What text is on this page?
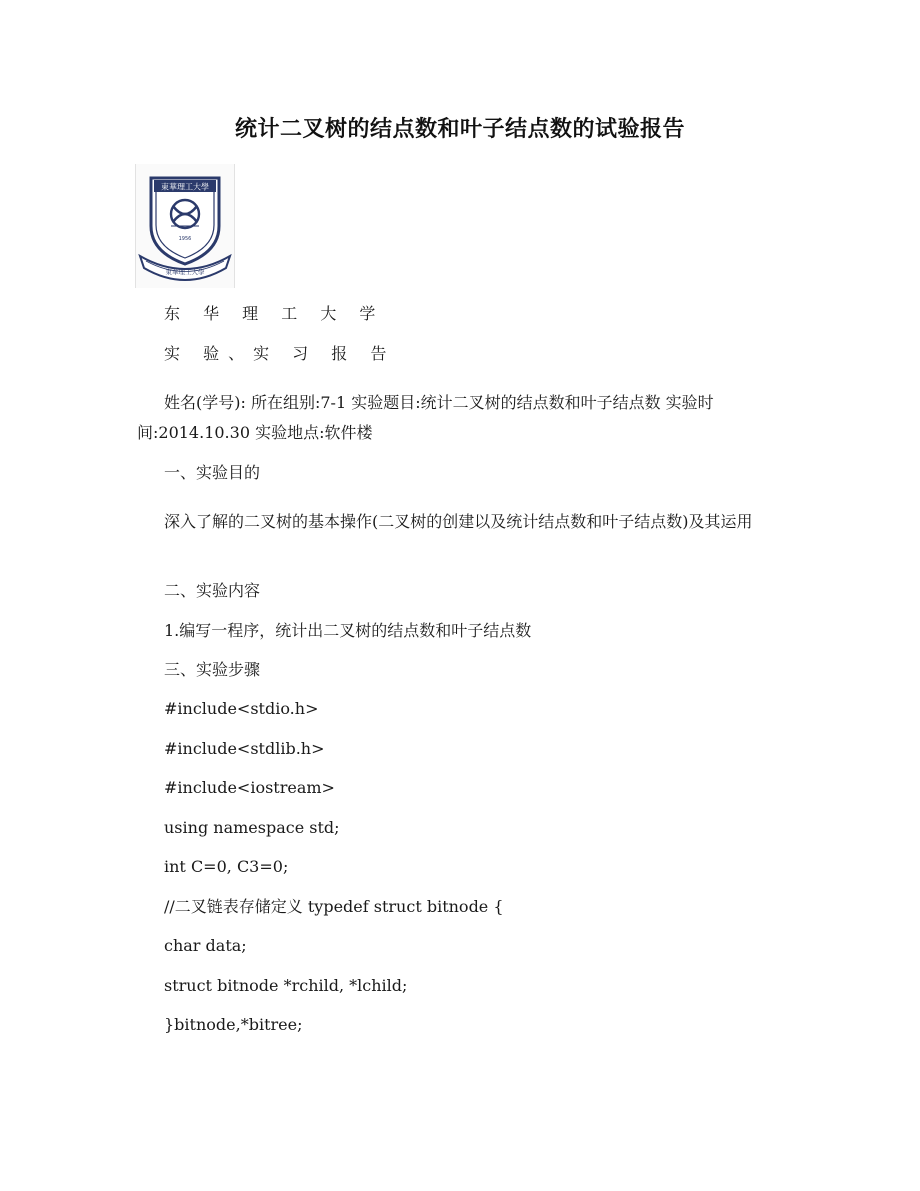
统计二叉树的结点数和叶子结点数的试验报告
東華理工大學
1956
東華理工大學
东 华 理 工 大 学
实 验、实 习 报 告
姓名(学号): 所在组别:7-1 实验题目:统计二叉树的结点数和叶子结点数 实验时间:2014.10.30 实验地点:软件楼
一、实验目的
深入了解的二叉树的基本操作(二叉树的创建以及统计结点数和叶子结点数)及其运用
二、实验内容
1.编写一程序，统计出二叉树的结点数和叶子结点数
三、实验步骤
#include<stdio.h>
#include<stdlib.h>
#include<iostream>
using namespace std;
int C=0, C3=0;
//二叉链表存储定义 typedef struct bitnode {
char data;
struct bitnode *rchild, *lchild;
}bitnode,*bitree;
